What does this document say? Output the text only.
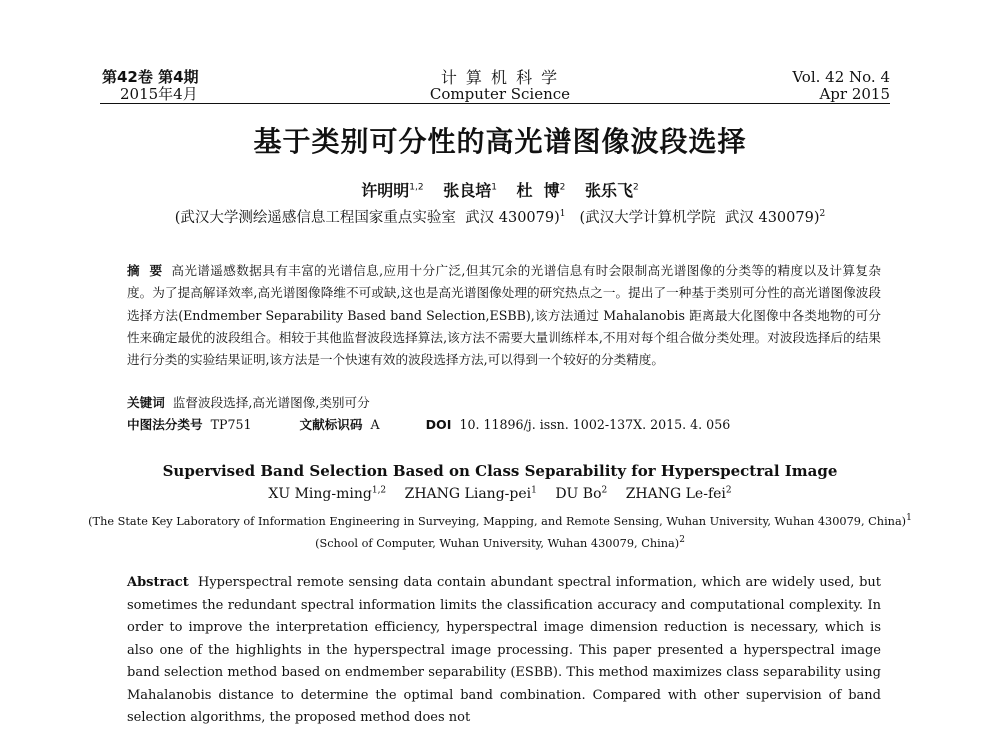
第42卷 第4期
2015年4月
计 算 机 科 学
Computer Science
Vol. 42 No. 4
Apr 2015
基于类别可分性的高光谱图像波段选择
许明明$^{1,2}$ 张良培$^1$ 杜  博$^2$ 张乐飞$^2$
(武汉大学测绘遥感信息工程国家重点实验室  武汉 430079)$^1$ (武汉大学计算机学院  武汉 430079)$^2$
摘  要 高光谱遥感数据具有丰富的光谱信息,应用十分广泛,但其冗余的光谱信息有时会限制高光谱图像的分类等的精度以及计算复杂度。为了提高解译效率,高光谱图像降维不可或缺,这也是高光谱图像处理的研究热点之一。提出了一种基于类别可分性的高光谱图像波段选择方法(Endmember Separability Based band Selection,ESBB),该方法通过 Mahalanobis 距离最大化图像中各类地物的可分性来确定最优的波段组合。相较于其他监督波段选择算法,该方法不需要大量训练样本,不用对每个组合做分类处理。对波段选择后的结果进行分类的实验结果证明,该方法是一个快速有效的波段选择方法,可以得到一个较好的分类精度。
关键词 监督波段选择,高光谱图像,类别可分
中图法分类号 TP751	文献标识码 A	DOI 10. 11896/j. issn. 1002-137X. 2015. 4. 056
Supervised Band Selection Based on Class Separability for Hyperspectral Image
XU Ming-ming$^{1,2}$ ZHANG Liang-pei$^1$ DU Bo$^2$ ZHANG Le-fei$^2$
(The State Key Laboratory of Information Engineering in Surveying, Mapping, and Remote Sensing, Wuhan University, Wuhan 430079, China)$^1$
(School of Computer, Wuhan University, Wuhan 430079, China)$^2$
Abstract Hyperspectral remote sensing data contain abundant spectral information, which are widely used, but sometimes the redundant spectral information limits the classification accuracy and computational complexity. In order to improve the interpretation efficiency, hyperspectral image dimension reduction is necessary, which is also one of the highlights in the hyperspectral image processing. This paper presented a hyperspectral image band selection method based on endmember separability (ESBB). This method maximizes class separability using Mahalanobis distance to determine the optimal band combination. Compared with other supervision of band selection algorithms, the proposed method does not
